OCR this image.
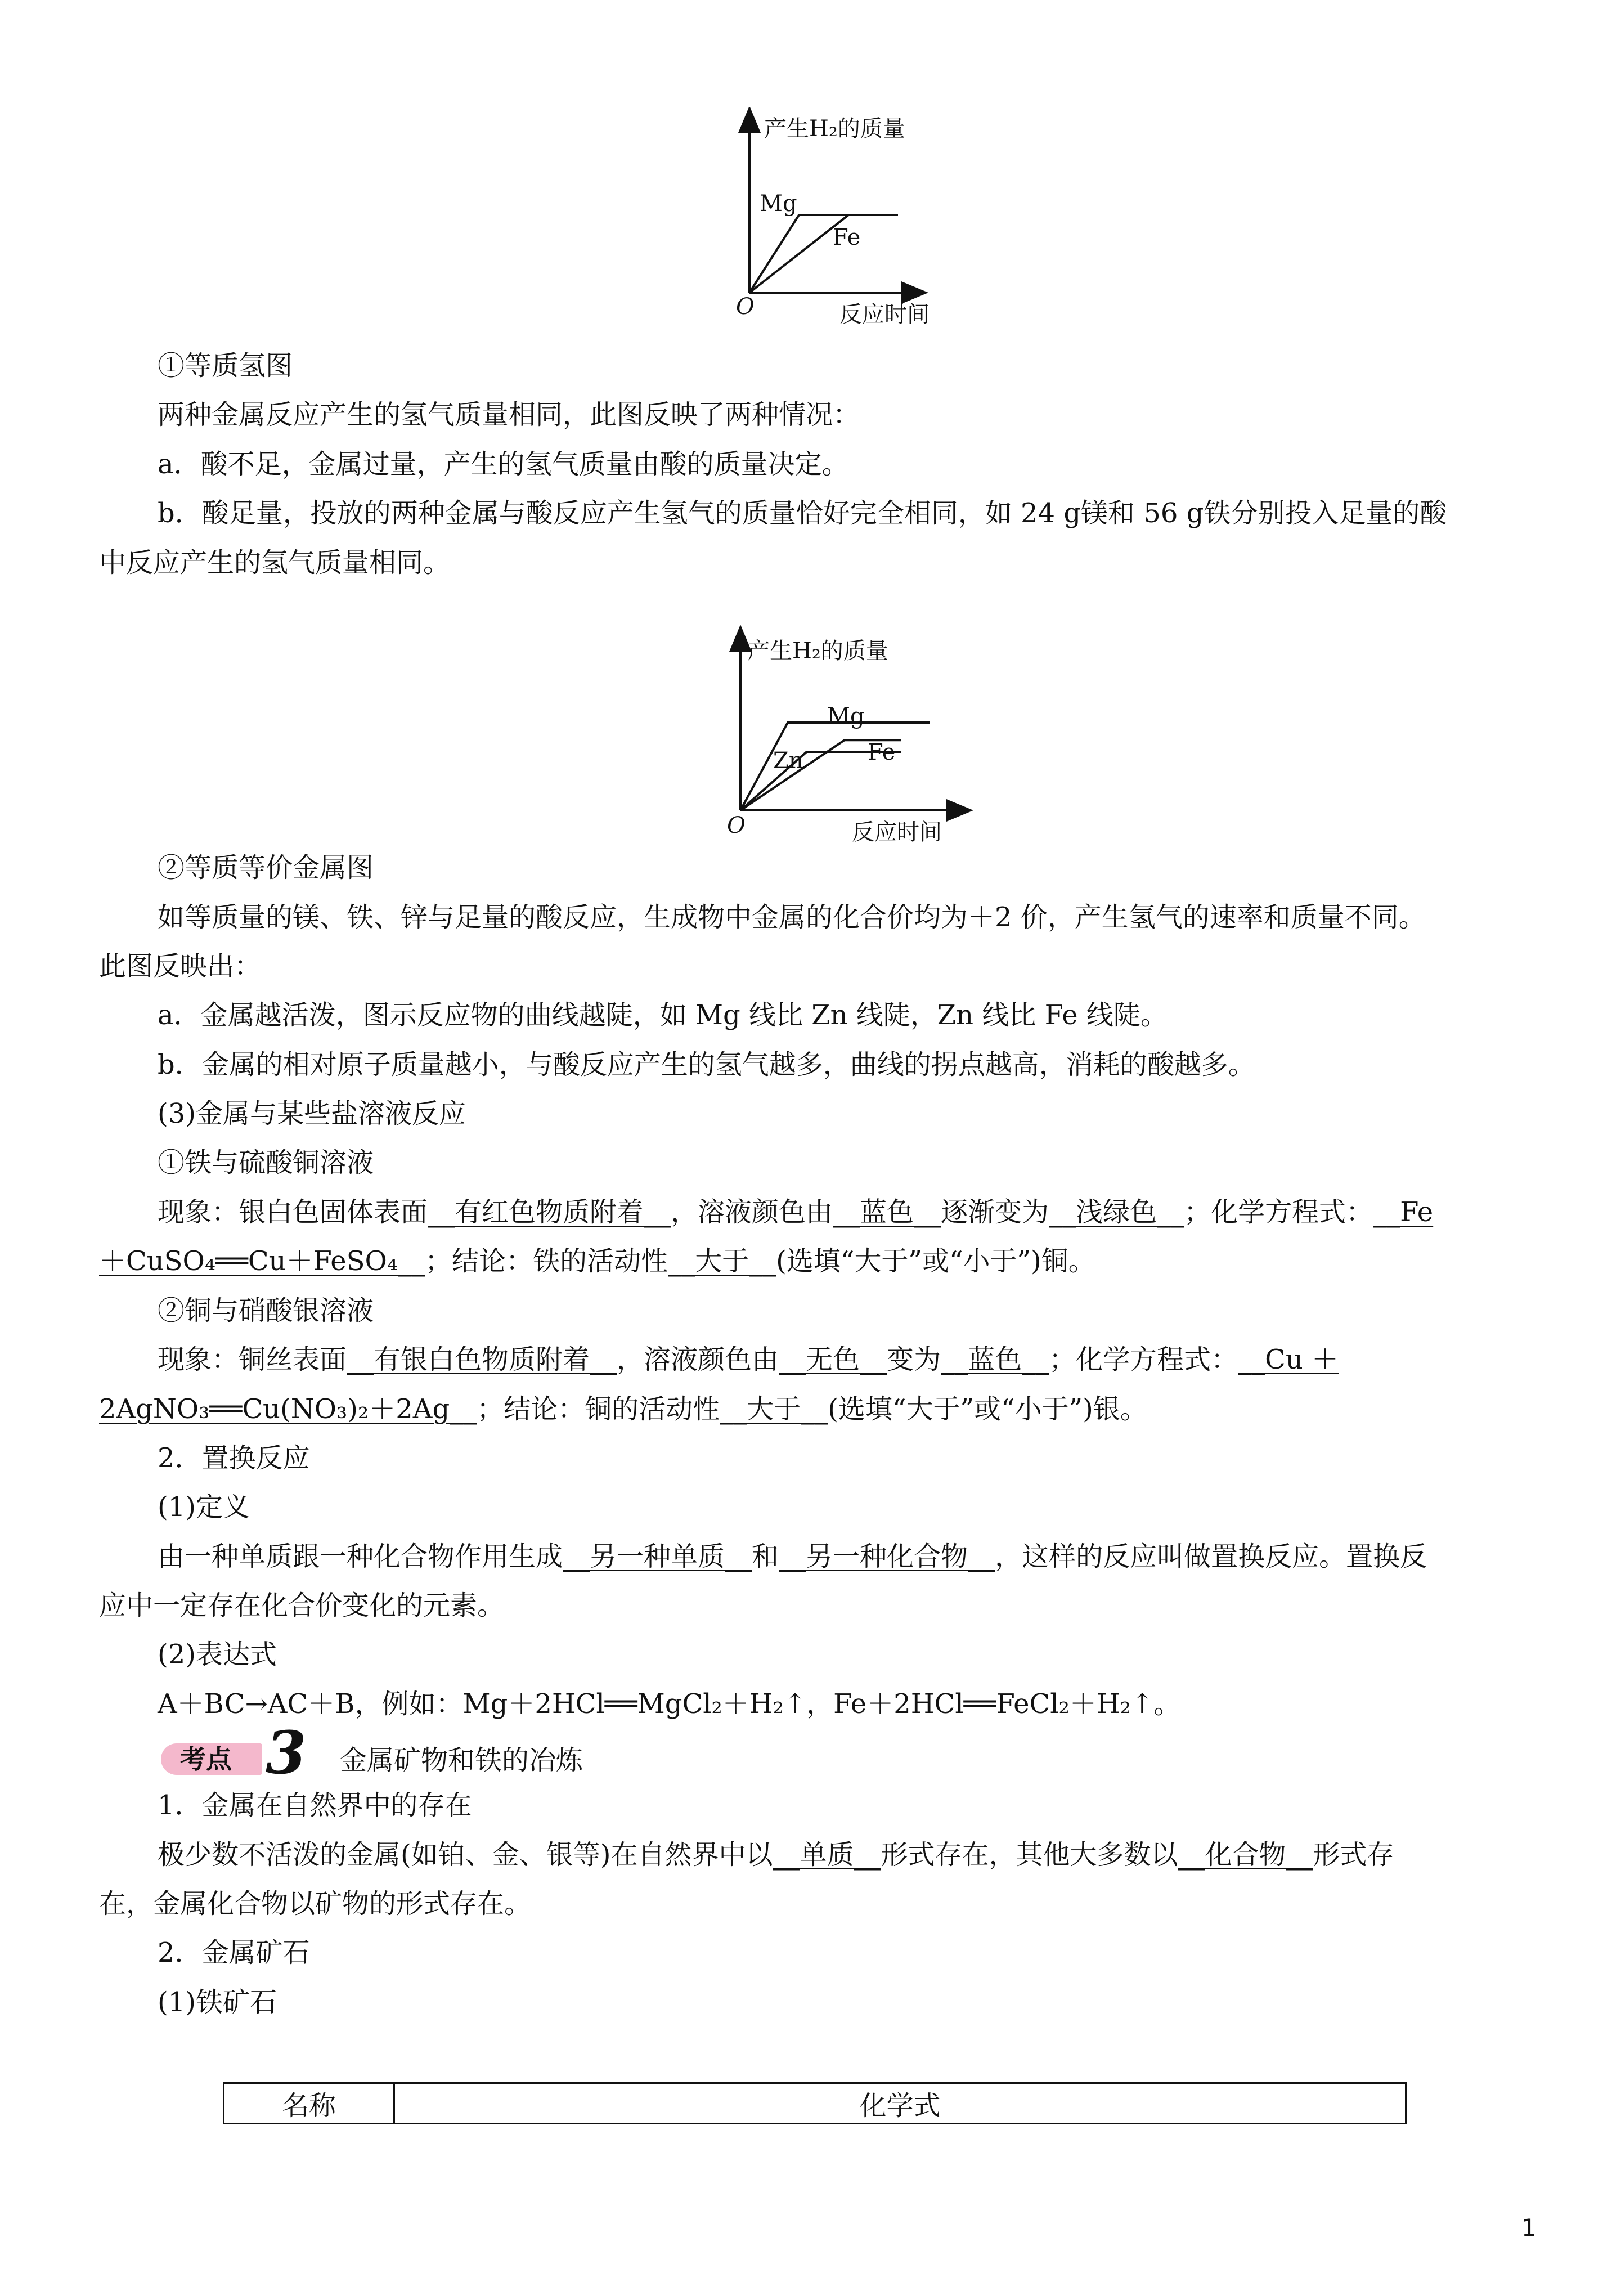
产生H₂的质量
反应时间
O
Mg
Fe
①等质氢图
两种金属反应产生的氢气质量相同，此图反映了两种情况：
a．酸不足，金属过量，产生的氢气质量由酸的质量决定。
b．酸足量，投放的两种金属与酸反应产生氢气的质量恰好完全相同，如 24 g镁和 56 g铁分别投入足量的酸
中反应产生的氢气质量相同。
产生H₂的质量
反应时间
O
Mg
Zn	Fe
②等质等价金属图
如等质量的镁、铁、锌与足量的酸反应，生成物中金属的化合价均为＋2 价，产生氢气的速率和质量不同。
此图反映出：
a．金属越活泼，图示反应物的曲线越陡，如 Mg 线比 Zn 线陡，Zn 线比 Fe 线陡。
b．金属的相对原子质量越小，与酸反应产生的氢气越多，曲线的拐点越高，消耗的酸越多。
(3)金属与某些盐溶液反应
①铁与硫酸铜溶液
现象：银白色固体表面__有红色物质附着__，溶液颜色由__蓝色__逐渐变为__浅绿色__；化学方程式：__Fe
＋CuSO₄══Cu＋FeSO₄__；结论：铁的活动性__大于__(选填“大于”或“小于”)铜。
②铜与硝酸银溶液
现象：铜丝表面__有银白色物质附着__，溶液颜色由__无色__变为__蓝色__；化学方程式：__Cu ＋
2AgNO₃══Cu(NO₃)₂＋2Ag__；结论：铜的活动性__大于__(选填“大于”或“小于”)银。
2．置换反应
(1)定义
由一种单质跟一种化合物作用生成__另一种单质__和__另一种化合物__，这样的反应叫做置换反应。置换反
应中一定存在化合价变化的元素。
(2)表达式
A＋BC→AC＋B，例如：Mg＋2HCl══MgCl₂＋H₂↑，Fe＋2HCl══FeCl₂＋H₂↑。
考点 3 金属矿物和铁的冶炼
1．金属在自然界中的存在
极少数不活泼的金属(如铂、金、银等)在自然界中以__单质__形式存在，其他大多数以__化合物__形式存
在，金属化合物以矿物的形式存在。
2．金属矿石
(1)铁矿石
名称	化学式
1
